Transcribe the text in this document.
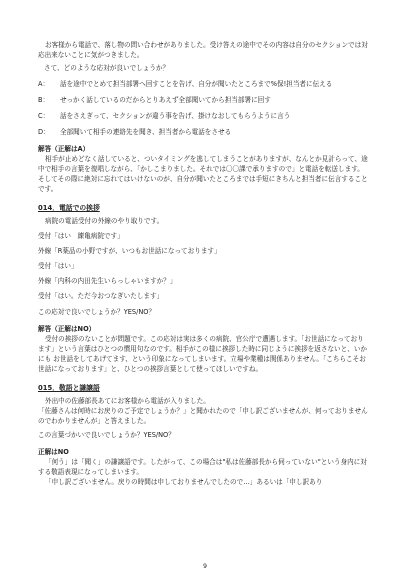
お客様から電話で、落し物の問い合わせがありました。受け答えの途中でその内容は自分のセクションでは対応出来ないことに気がつきました。

さて、どのような応対が良いでしょうか？

A：	話を途中でとめて担当部署へ回すことを告げ、自分が聞いたところまで%保!担当者に伝える
B：	せっかく話しているのだからとりあえず全部聞いてから担当部署に回す
C：	話をさえぎって、セクションが違う事を告げ、掛けなおしてもらうように言う
D：	全部聞いて相手の連絡先を聞き、担当者から電話をさせる

解答（正解はA）

相手が止めどなく話していると、ついタイミングを逃してしまうことがありますが、なんとか見計らって、途中で相手の言葉を復唱しながら、「かしこまりました。それでは〇〇課で承りますので」と電話を転送します。そしてその際に絶対に忘れてはいけないのが、自分が聞いたところまでは手短にきちんと担当者に伝言することです。

014．電話での挨拶

病院の電話受付の外線のやり取りです。

受付「はい　練亀病院です」

外線「R薬品の小野ですが、いつもお世話になっております」

受付「はい」

外線「内科の内田先生いらっしゃいますか？」

受付「はい。ただ今おつなぎいたします」

この応対で良いでしょうか？YES/NO？

解答（正解はNO）

受付の挨拶のないことが問題です。この応対は実は多くの病院、官公庁で遭遇します。「お世話になっております」という言葉はひとつの慣用句なのです。相手がこの様に挨拶した時に同じように挨拶を返さないと、いかにも お世話をしてあげてます、という印象になってしまいます。立場や業種は関係ありません。「こちらこそお世話になっております」と、ひとつの挨拶言葉として使ってほしいですね。

015．敬語と謙譲語

外出中の佐藤部長あてにお客様から電話が入りました。

「佐藤さんは何時にお戻りのご予定でしょうか？」と聞かれたので「申し訳ございませんが、何っておりませんのでわかりませんが」と答えました。

この言葉づかいで良いでしょうか？YES/NO？

正解はNO

「何う」は「聞く」の謙譲語です。したがって、この場合は"私は佐藤部長から伺っていない"という身内に対する敬語表現になってしまいます。

「申し訳ございません。戻りの時間は申しておりませんでしたので…」あるいは「申し訳あり

9
